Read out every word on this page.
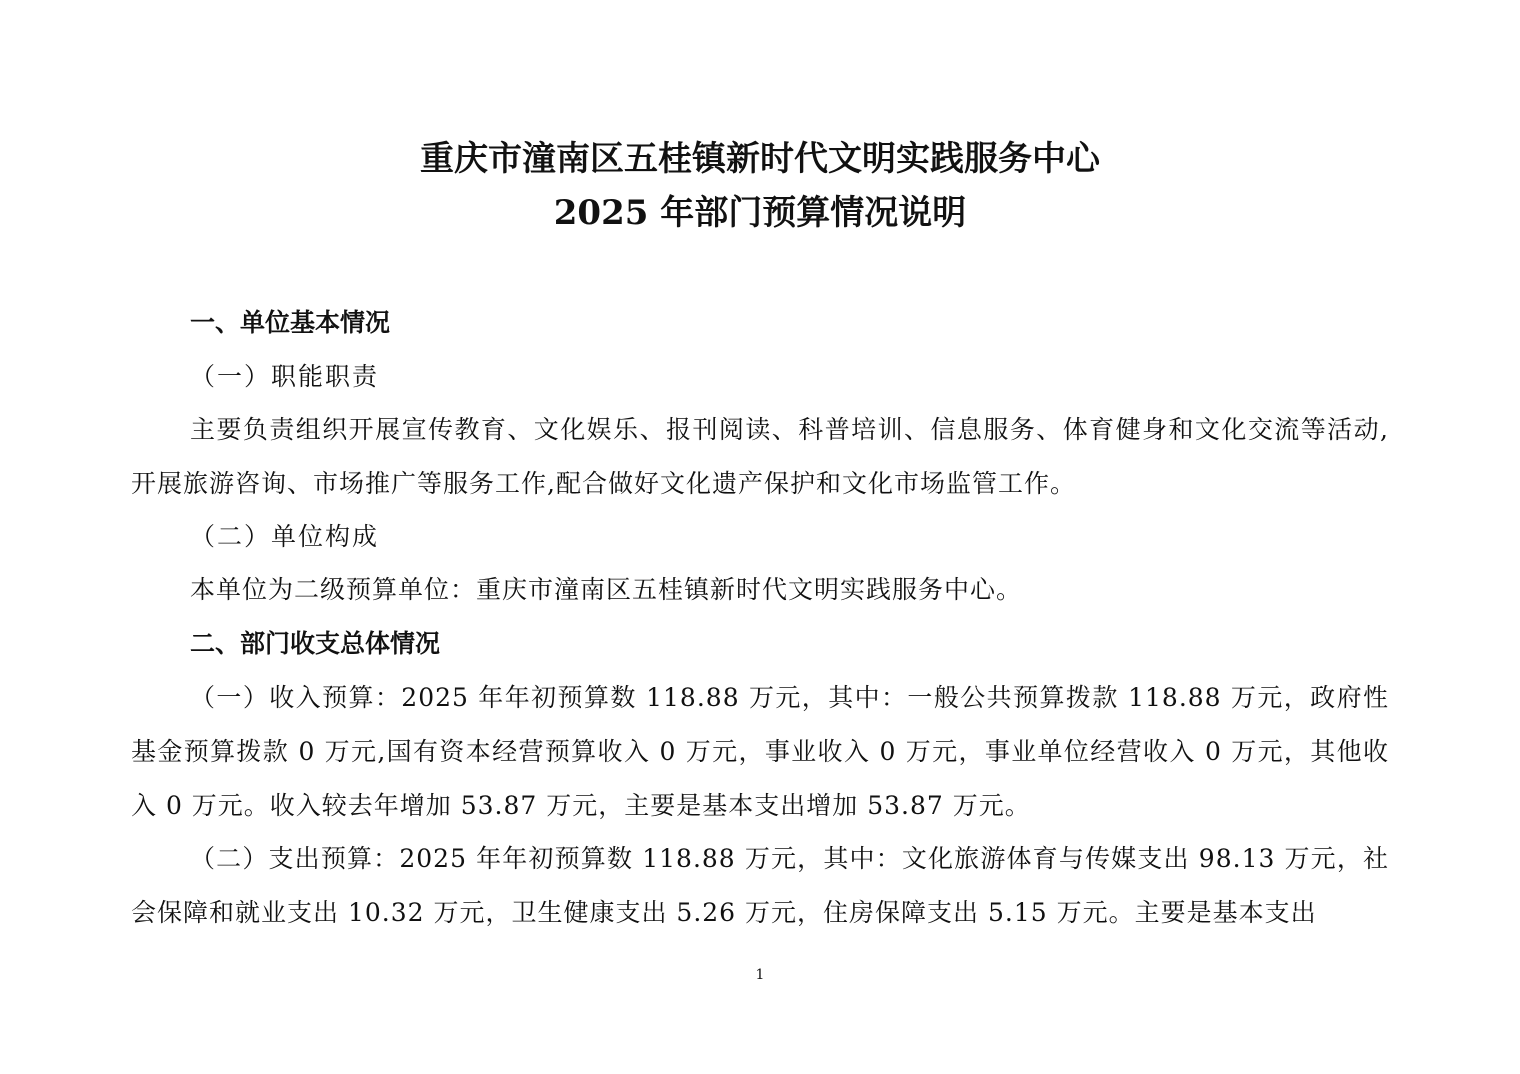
重庆市潼南区五桂镇新时代文明实践服务中心
2025 年部门预算情况说明
一、单位基本情况
（一）职能职责
主要负责组织开展宣传教育、文化娱乐、报刊阅读、科普培训、信息服务、体育健身和文化交流等活动,开展旅游咨询、市场推广等服务工作,配合做好文化遗产保护和文化市场监管工作。
（二）单位构成
本单位为二级预算单位：重庆市潼南区五桂镇新时代文明实践服务中心。
二、部门收支总体情况
（一）收入预算：2025 年年初预算数 118.88 万元，其中：一般公共预算拨款 118.88 万元，政府性基金预算拨款 0 万元,国有资本经营预算收入 0 万元，事业收入 0 万元，事业单位经营收入 0 万元，其他收入 0 万元。收入较去年增加 53.87 万元，主要是基本支出增加 53.87 万元。
（二）支出预算：2025 年年初预算数 118.88 万元，其中：文化旅游体育与传媒支出 98.13 万元，社会保障和就业支出 10.32 万元，卫生健康支出 5.26 万元，住房保障支出 5.15 万元。主要是基本支出
1
